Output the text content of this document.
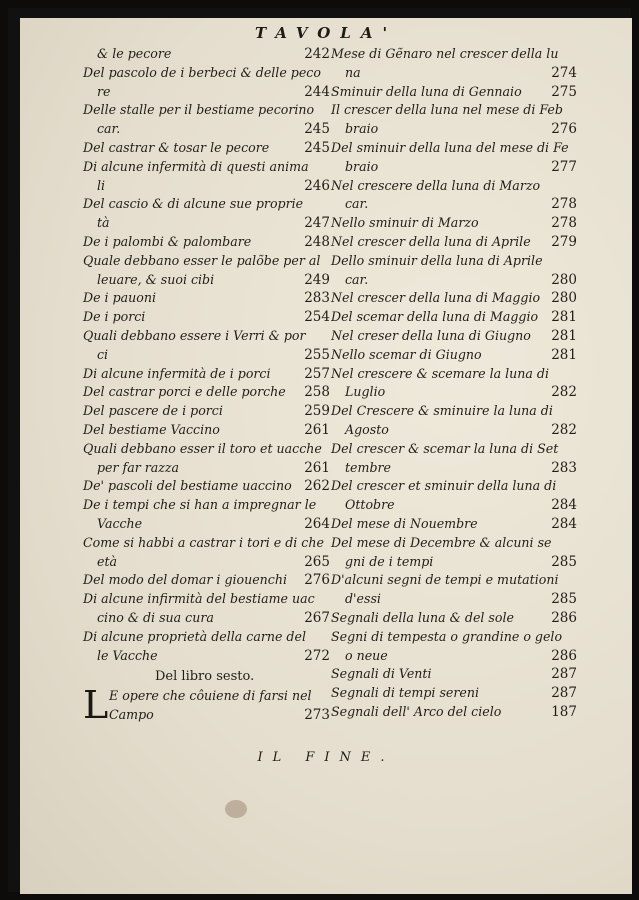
TAVOLA'
& le pecore	242
Del pascolo de i berbeci & delle peco
re	244
Delle stalle per il bestiame pecorino
car.	245
Del castrar & tosar le pecore	245
Di alcune infermità di questi anima
li	246
Del cascio & di alcune sue proprie
tà	247
De i palombi & palombare	248
Quale debbano esser le palõbe per al
leuare, & suoi cibi	249
De i pauoni	283
De i porci	254
Quali debbano essere i Verri & por
ci	255
Di alcune infermità de i porci 257
Del castrar porci e delle porche 258
Del pascere de i porci	259
Del bestiame Vaccino	261
Quali debbano esser il toro et uacche
per far razza	261
De' pascoli del bestiame uaccino 262
De i tempi che si han a impregnar le
Vacche	264
Come si habbi a castrar i tori e di che
età	265
Del modo del domar i giouenchi 276
Di alcune infirmità del bestiame uac
cino & di sua cura	267
Di alcune proprietà della carne del
le Vacche	272
Del libro sesto.
L E opere che côuiene di farsi nel
Campo	273
Mese di Gẽnaro nel crescer della lu
na	274
Sminuir della luna di Gennaio 275
Il crescer della luna nel mese di Feb
braio	276
Del sminuir della luna del mese di Fe
braio	277
Nel crescere della luna di Marzo
car.	278
Nello sminuir di Marzo	278
Nel crescer della luna di Aprile 279
Dello sminuir della luna di Aprile
car.	280
Nel crescer della luna di Maggio 280
Del scemar della luna di Maggio 281
Nel creser della luna di Giugno 281
Nello scemar di Giugno	281
Nel crescere & scemare la luna di
Luglio	282
Del Crescere & sminuire la luna di
Agosto	282
Del crescer & scemar la luna di Set
tembre	283
Del crescer et sminuir della luna di
Ottobre	284
Del mese di Nouembre	284
Del mese di Decembre & alcuni se
gni de i tempi	285
D'alcuni segni de tempi e mutationi
d'essi	285
Segnali della luna & del sole	286
Segni di tempesta o grandine o gelo
o neue	286
Segnali di Venti	287
Segnali di tempi sereni	287
Segnali dell' Arco del cielo	187
IL FINE.
